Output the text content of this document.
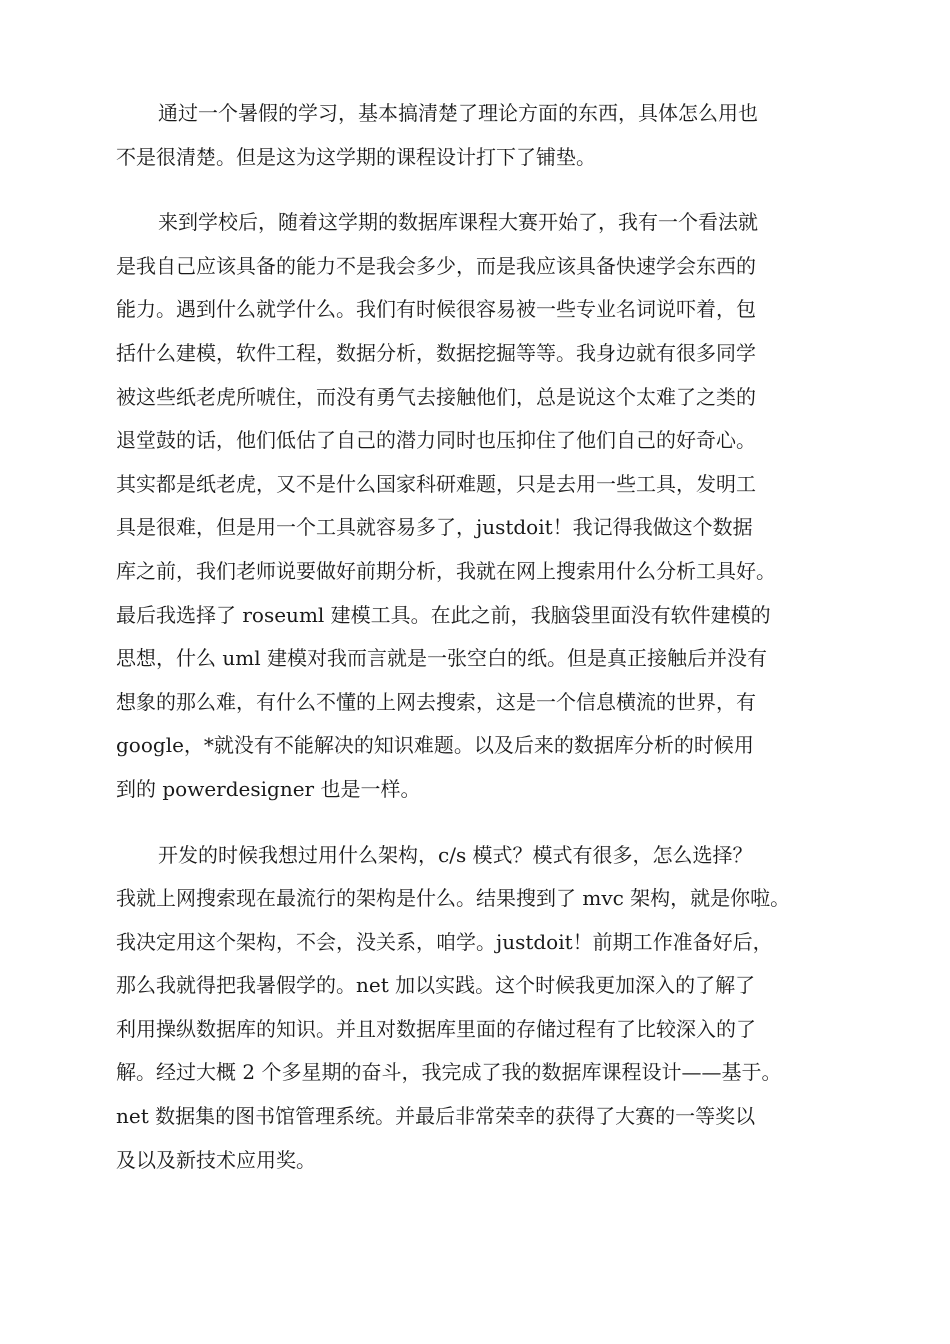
通过一个暑假的学习，基本搞清楚了理论方面的东西，具体怎么用也
不是很清楚。但是这为这学期的课程设计打下了铺垫。

来到学校后，随着这学期的数据库课程大赛开始了，我有一个看法就
是我自己应该具备的能力不是我会多少，而是我应该具备快速学会东西的
能力。遇到什么就学什么。我们有时候很容易被一些专业名词说吓着，包
括什么建模，软件工程，数据分析，数据挖掘等等。我身边就有很多同学
被这些纸老虎所唬住，而没有勇气去接触他们，总是说这个太难了之类的
退堂鼓的话，他们低估了自己的潜力同时也压抑住了他们自己的好奇心。
其实都是纸老虎，又不是什么国家科研难题，只是去用一些工具，发明工
具是很难，但是用一个工具就容易多了，justdoit！我记得我做这个数据
库之前，我们老师说要做好前期分析，我就在网上搜索用什么分析工具好。
最后我选择了 roseuml 建模工具。在此之前，我脑袋里面没有软件建模的
思想，什么 uml 建模对我而言就是一张空白的纸。但是真正接触后并没有
想象的那么难，有什么不懂的上网去搜索，这是一个信息横流的世界，有
google，*就没有不能解决的知识难题。以及后来的数据库分析的时候用
到的 powerdesigner 也是一样。

开发的时候我想过用什么架构，c/s 模式？模式有很多，怎么选择？
我就上网搜索现在最流行的架构是什么。结果搜到了 mvc 架构，就是你啦。
我决定用这个架构，不会，没关系，咱学。justdoit！前期工作准备好后，
那么我就得把我暑假学的。net 加以实践。这个时候我更加深入的了解了
利用操纵数据库的知识。并且对数据库里面的存储过程有了比较深入的了
解。经过大概 2 个多星期的奋斗，我完成了我的数据库课程设计——基于。
net 数据集的图书馆管理系统。并最后非常荣幸的获得了大赛的一等奖以
及以及新技术应用奖。
